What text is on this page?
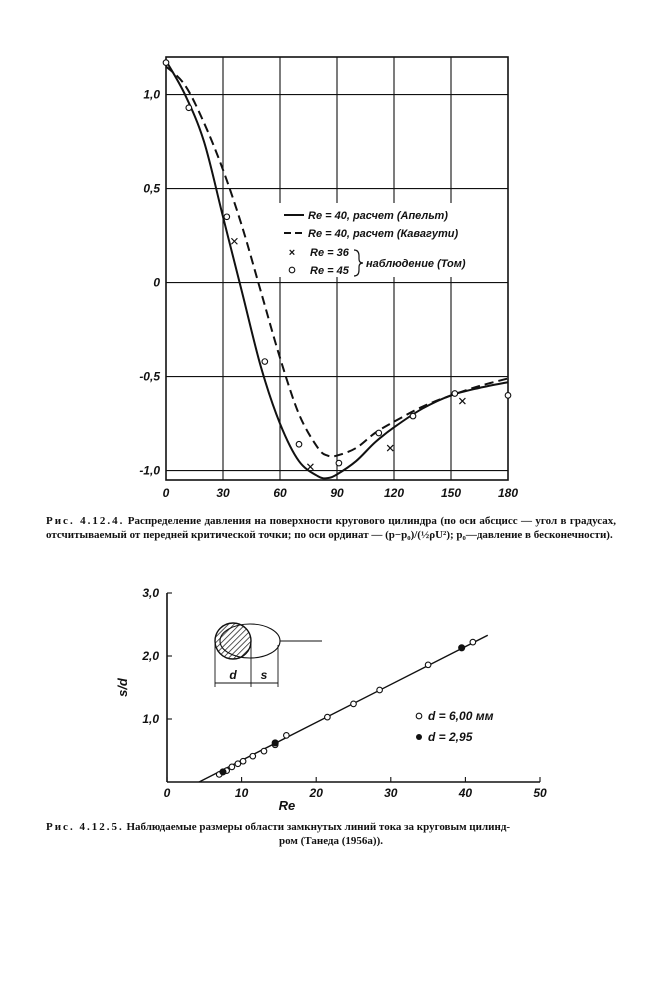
0	30	60	90	120	150	180
1,0
0,5
0
-0,5
-1,0
Re = 40, расчет (Апельт)
Re = 40, расчет (Кавагути)
× Re = 36
Re = 45
наблюдение (Том)
Рис. 4.12.4. Распределение давления на поверхности кругового цилиндра (по оси абсцисс — угол в градусах, отсчитываемый от передней критической точки; по оси ординат — (p−p₀)/(½ρU²); p₀—давление в бесконечности).
0	10	20	30	40	50
1,0
2,0
3,0
Re
s/d
d s
d = 6,00 мм
d = 2,95
Рис. 4.12.5. Наблюдаемые размеры области замкнутых линий тока за круговым цилинд-
ром (Танеда (1956a)).
